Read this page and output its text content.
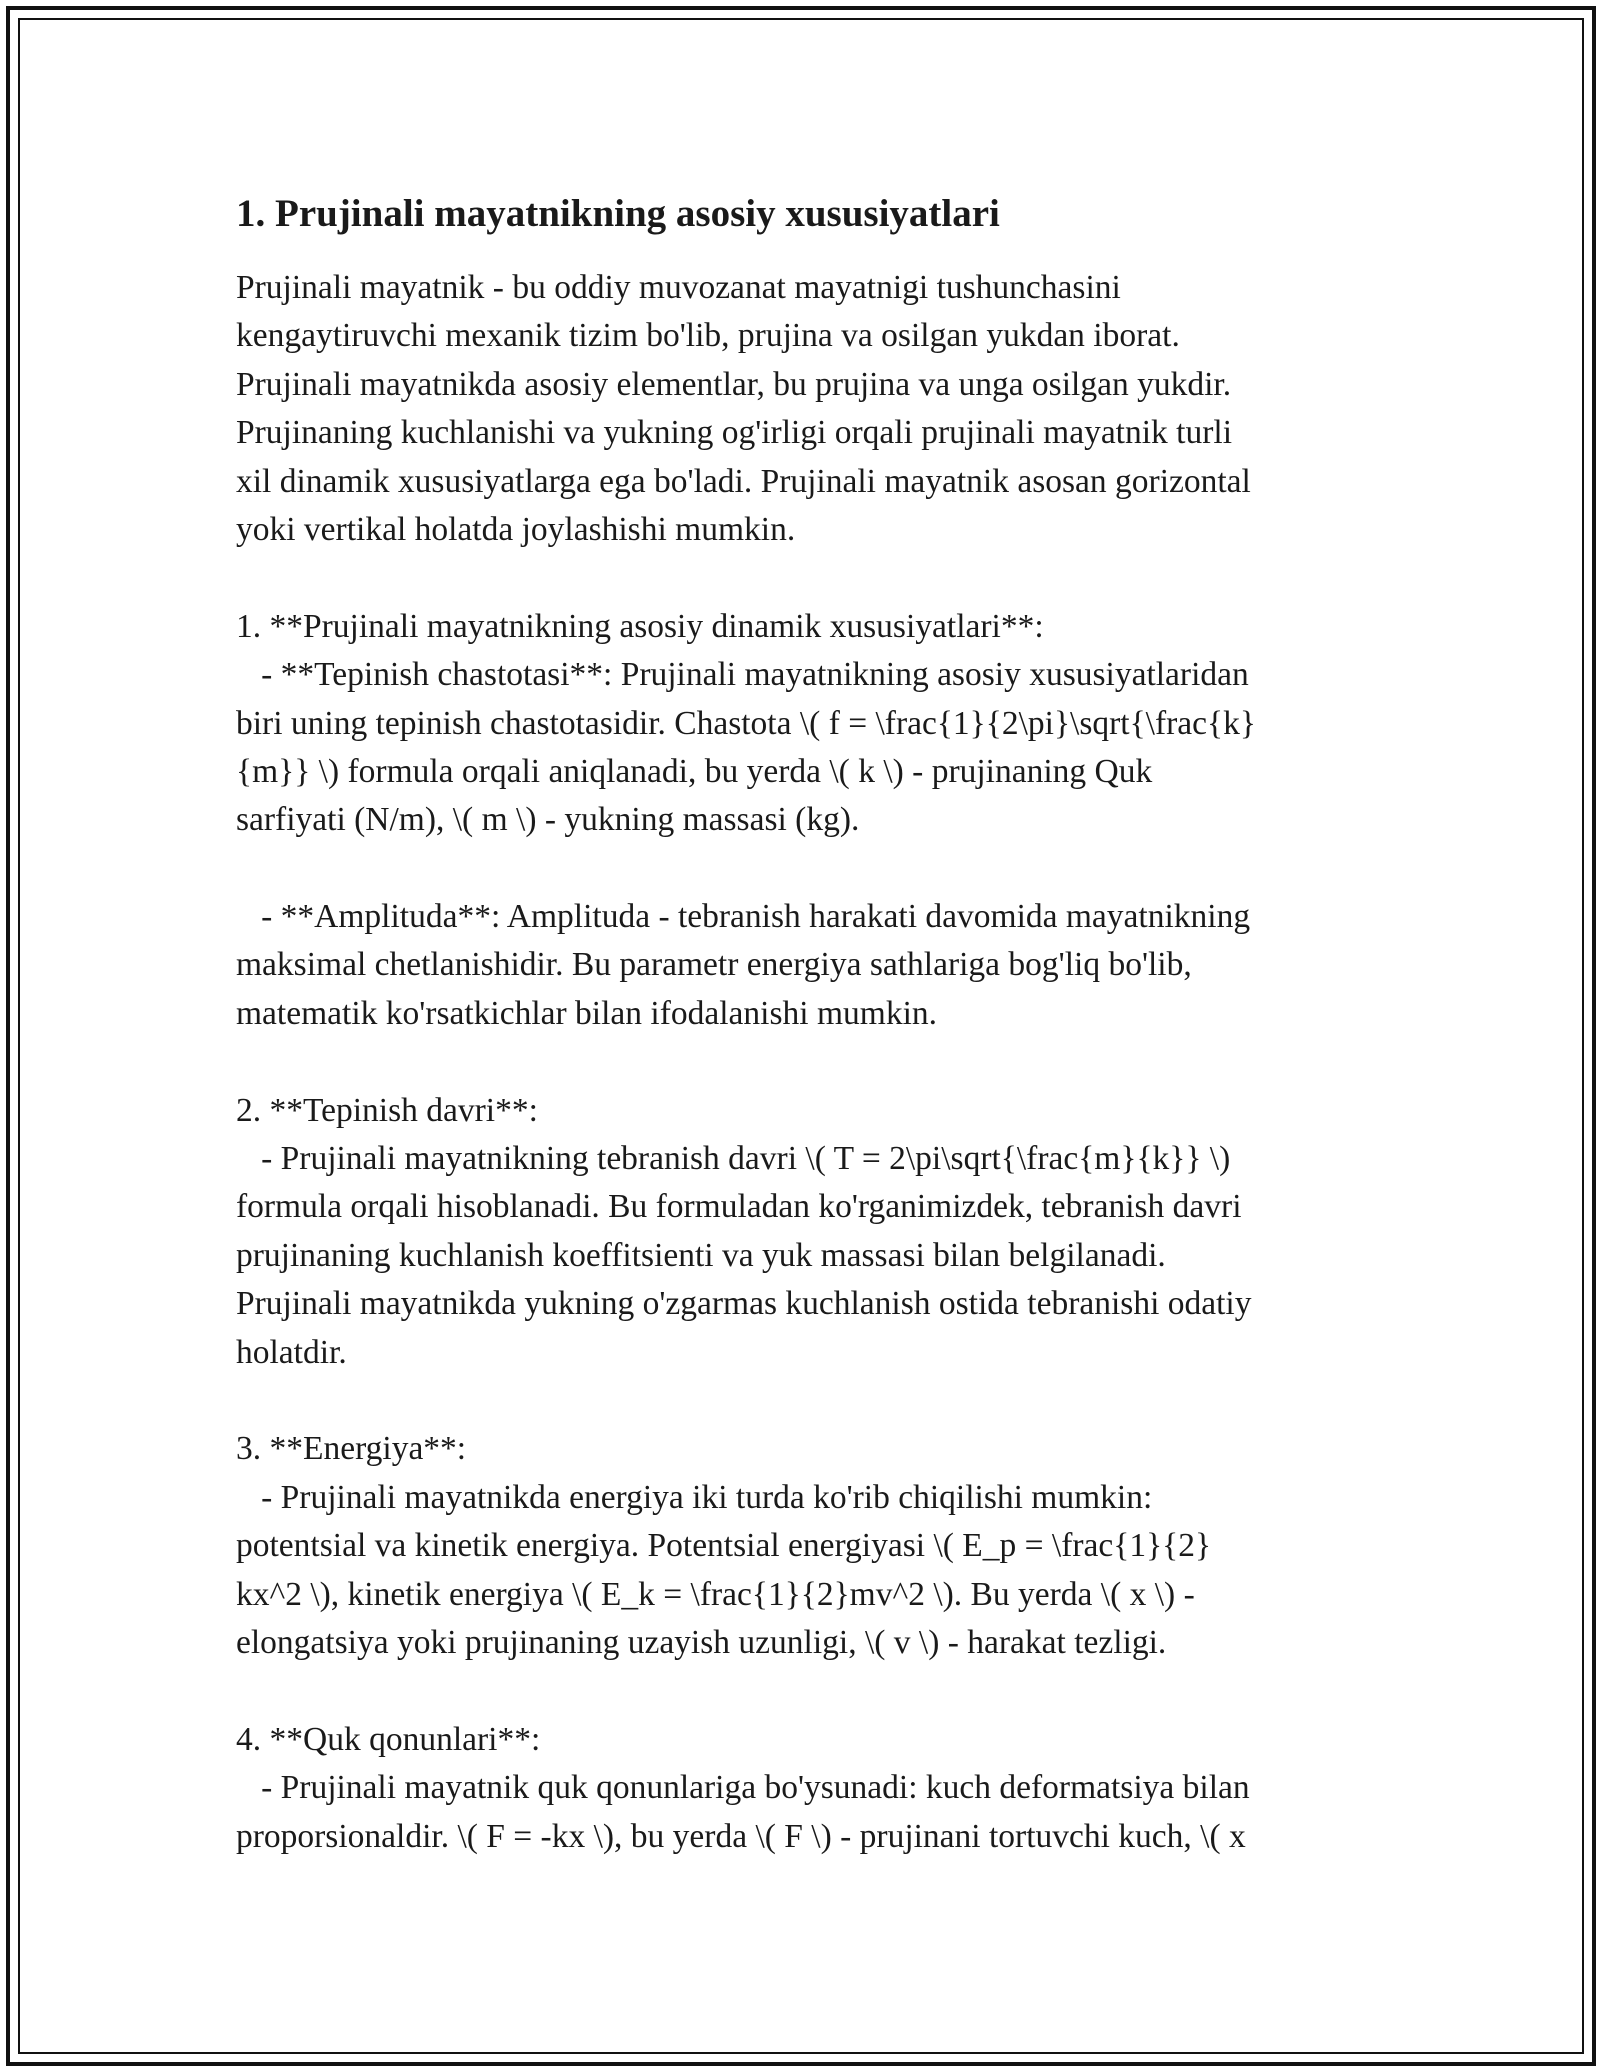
1. Prujinali mayatnikning asosiy xususiyatlari
Prujinali mayatnik - bu oddiy muvozanat mayatnigi tushunchasini
kengaytiruvchi mexanik tizim bo'lib, prujina va osilgan yukdan iborat.
Prujinali mayatnikda asosiy elementlar, bu prujina va unga osilgan yukdir.
Prujinaning kuchlanishi va yukning og'irligi orqali prujinali mayatnik turli
xil dinamik xususiyatlarga ega bo'ladi. Prujinali mayatnik asosan gorizontal
yoki vertikal holatda joylashishi mumkin.
1. **Prujinali mayatnikning asosiy dinamik xususiyatlari**:
- **Tepinish chastotasi**: Prujinali mayatnikning asosiy xususiyatlaridan
biri uning tepinish chastotasidir. Chastota \( f = \frac{1}{2\pi}\sqrt{\frac{k}
{m}} \) formula orqali aniqlanadi, bu yerda \( k \) - prujinaning Quk
sarfiyati (N/m), \( m \) - yukning massasi (kg).
- **Amplituda**: Amplituda - tebranish harakati davomida mayatnikning
maksimal chetlanishidir. Bu parametr energiya sathlariga bog'liq bo'lib,
matematik ko'rsatkichlar bilan ifodalanishi mumkin.
2. **Tepinish davri**:
- Prujinali mayatnikning tebranish davri \( T = 2\pi\sqrt{\frac{m}{k}} \)
formula orqali hisoblanadi. Bu formuladan ko'rganimizdek, tebranish davri
prujinaning kuchlanish koeffitsienti va yuk massasi bilan belgilanadi.
Prujinali mayatnikda yukning o'zgarmas kuchlanish ostida tebranishi odatiy
holatdir.
3. **Energiya**:
- Prujinali mayatnikda energiya iki turda ko'rib chiqilishi mumkin:
potentsial va kinetik energiya. Potentsial energiyasi \( E_p = \frac{1}{2}
kx^2 \), kinetik energiya \( E_k = \frac{1}{2}mv^2 \). Bu yerda \( x \) -
elongatsiya yoki prujinaning uzayish uzunligi, \( v \) - harakat tezligi.
4. **Quk qonunlari**:
- Prujinali mayatnik quk qonunlariga bo'ysunadi: kuch deformatsiya bilan
proporsionaldir. \( F = -kx \), bu yerda \( F \) - prujinani tortuvchi kuch, \( x
